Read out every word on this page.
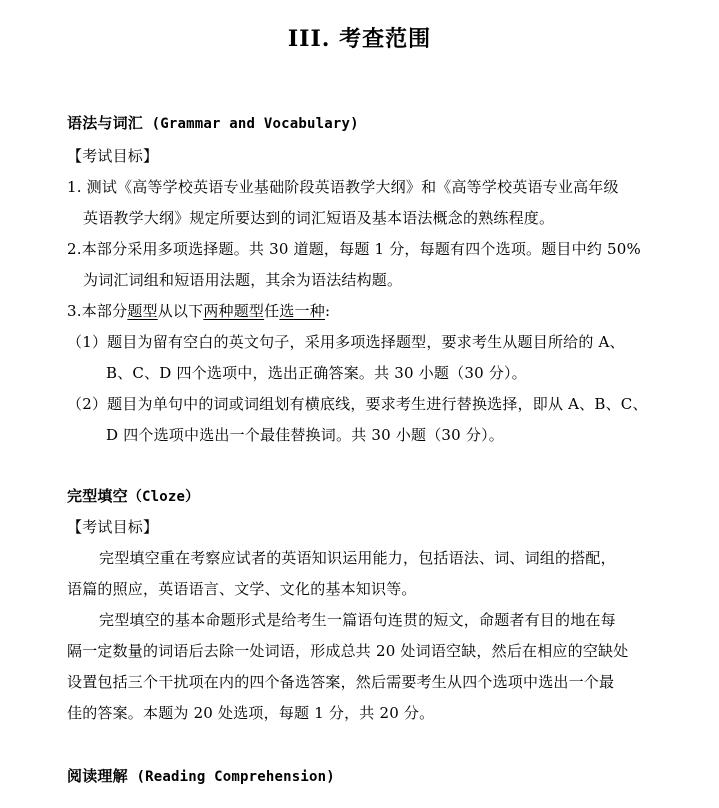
III. 考查范围
语法与词汇 (Grammar and Vocabulary)
【考试目标】
1. 测试《高等学校英语专业基础阶段英语教学大纲》和《高等学校英语专业高年级
英语教学大纲》规定所要达到的词汇短语及基本语法概念的熟练程度。
2.本部分采用多项选择题。共 30 道题，每题 1 分，每题有四个选项。题目中约 50%
为词汇词组和短语用法题，其余为语法结构题。
3.本部分题型从以下两种题型任选一种:
（1）题目为留有空白的英文句子，采用多项选择题型，要求考生从题目所给的 A、
B、C、D 四个选项中，选出正确答案。共 30 小题（30 分）。
（2）题目为单句中的词或词组划有横底线，要求考生进行替换选择，即从 A、B、C、
D 四个选项中选出一个最佳替换词。共 30 小题（30 分）。
完型填空（Cloze）
【考试目标】
完型填空重在考察应试者的英语知识运用能力，包括语法、词、词组的搭配，
语篇的照应，英语语言、文学、文化的基本知识等。
完型填空的基本命题形式是给考生一篇语句连贯的短文，命题者有目的地在每
隔一定数量的词语后去除一处词语，形成总共 20 处词语空缺，然后在相应的空缺处
设置包括三个干扰项在内的四个备选答案，然后需要考生从四个选项中选出一个最
佳的答案。本题为 20 处选项，每题 1 分，共 20 分。
阅读理解 (Reading Comprehension)
